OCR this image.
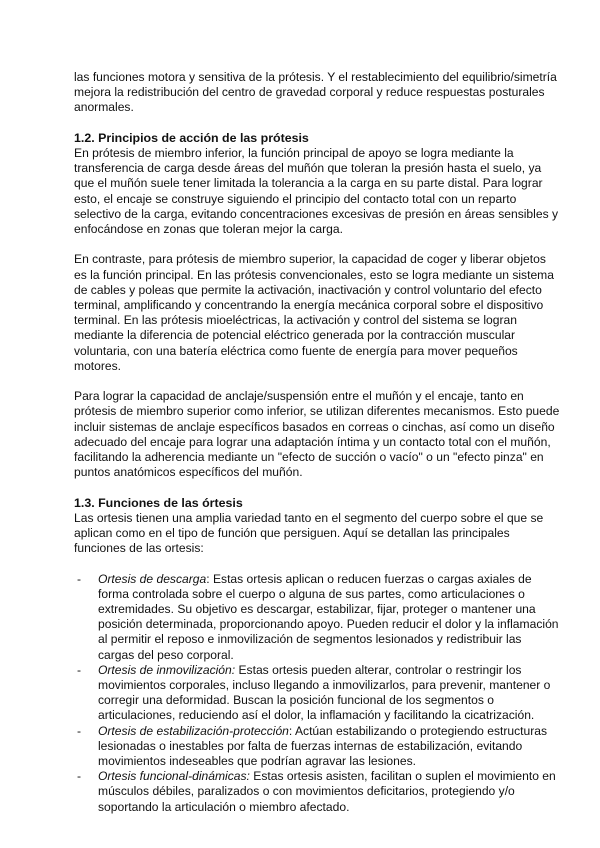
las funciones motora y sensitiva de la prótesis. Y el restablecimiento del equilibrio/simetría mejora la redistribución del centro de gravedad corporal y reduce respuestas posturales anormales.

1.2. Principios de acción de las prótesis

En prótesis de miembro inferior, la función principal de apoyo se logra mediante la transferencia de carga desde áreas del muñón que toleran la presión hasta el suelo, ya que el muñón suele tener limitada la tolerancia a la carga en su parte distal. Para lograr esto, el encaje se construye siguiendo el principio del contacto total con un reparto selectivo de la carga, evitando concentraciones excesivas de presión en áreas sensibles y enfocándose en zonas que toleran mejor la carga.

En contraste, para prótesis de miembro superior, la capacidad de coger y liberar objetos es la función principal. En las prótesis convencionales, esto se logra mediante un sistema de cables y poleas que permite la activación, inactivación y control voluntario del efecto terminal, amplificando y concentrando la energía mecánica corporal sobre el dispositivo terminal. En las prótesis mioeléctricas, la activación y control del sistema se logran mediante la diferencia de potencial eléctrico generada por la contracción muscular voluntaria, con una batería eléctrica como fuente de energía para mover pequeños motores.

Para lograr la capacidad de anclaje/suspensión entre el muñón y el encaje, tanto en prótesis de miembro superior como inferior, se utilizan diferentes mecanismos. Esto puede incluir sistemas de anclaje específicos basados en correas o cinchas, así como un diseño adecuado del encaje para lograr una adaptación íntima y un contacto total con el muñón, facilitando la adherencia mediante un "efecto de succión o vacío" o un "efecto pinza" en puntos anatómicos específicos del muñón.

1.3. Funciones de las órtesis

Las ortesis tienen una amplia variedad tanto en el segmento del cuerpo sobre el que se aplican como en el tipo de función que persiguen. Aquí se detallan las principales funciones de las ortesis:

- Ortesis de descarga: Estas ortesis aplican o reducen fuerzas o cargas axiales de forma controlada sobre el cuerpo o alguna de sus partes, como articulaciones o extremidades. Su objetivo es descargar, estabilizar, fijar, proteger o mantener una posición determinada, proporcionando apoyo. Pueden reducir el dolor y la inflamación al permitir el reposo e inmovilización de segmentos lesionados y redistribuir las cargas del peso corporal.
- Ortesis de inmovilización: Estas ortesis pueden alterar, controlar o restringir los movimientos corporales, incluso llegando a inmovilizarlos, para prevenir, mantener o corregir una deformidad. Buscan la posición funcional de los segmentos o articulaciones, reduciendo así el dolor, la inflamación y facilitando la cicatrización.
- Ortesis de estabilización-protección: Actúan estabilizando o protegiendo estructuras lesionadas o inestables por falta de fuerzas internas de estabilización, evitando movimientos indeseables que podrían agravar las lesiones.
- Ortesis funcional-dinámicas: Estas ortesis asisten, facilitan o suplen el movimiento en músculos débiles, paralizados o con movimientos deficitarios, protegiendo y/o soportando la articulación o miembro afectado.
